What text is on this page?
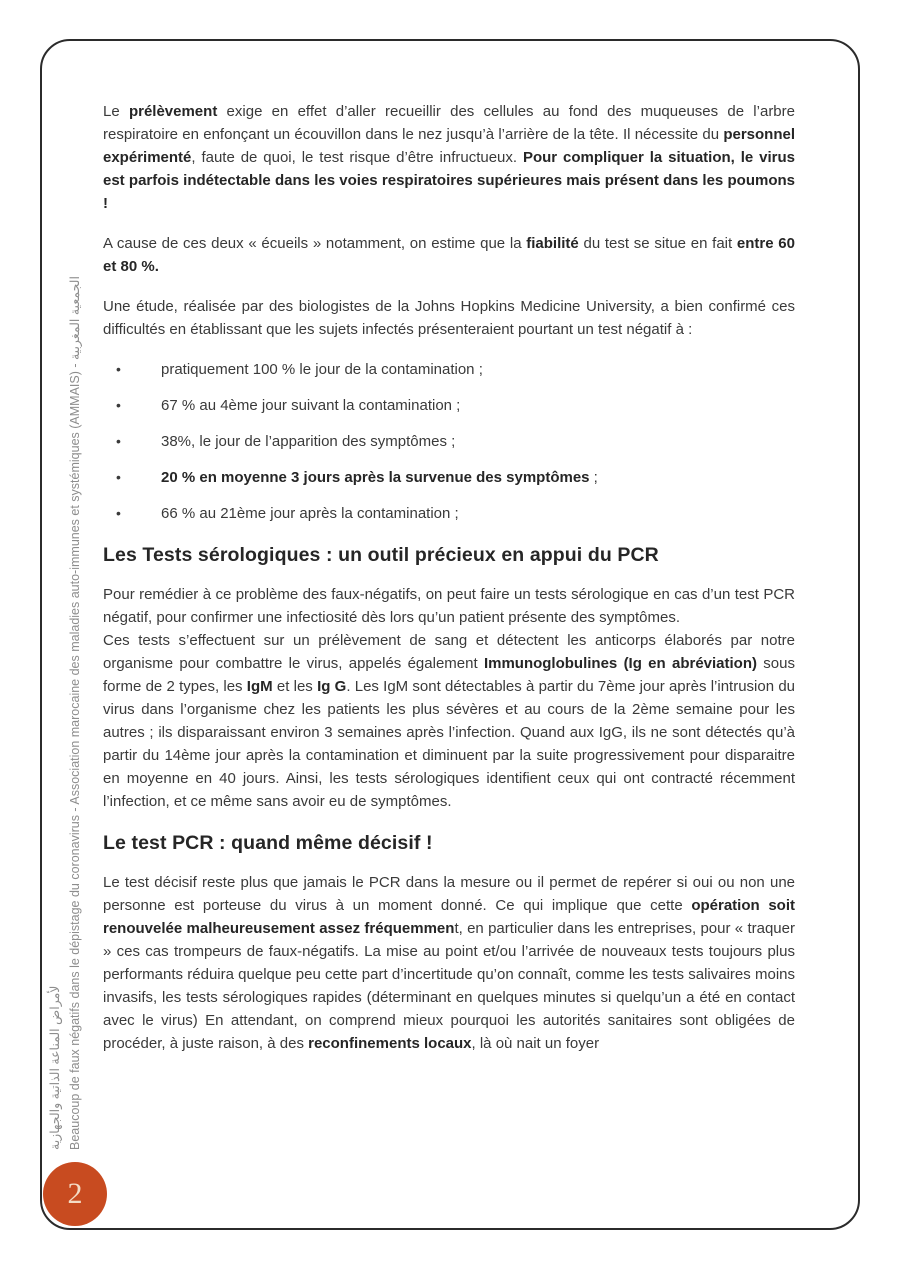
لأمراض المناعة الذاتية والجهازية Beaucoup de faux négatifs dans le dépistage du coronavirus - Association marocaine des maladies auto-immunes et systémiques (AMMAIS) - الجمعية المغربية

Le prélèvement exige en effet d’aller recueillir des cellules au fond des muqueuses de l’arbre respiratoire en enfonçant un écouvillon dans le nez jusqu’à l’arrière de la tête. Il nécessite du personnel expérimenté, faute de quoi, le test risque d’être infructueux. Pour compliquer la situation, le virus est parfois indétectable dans les voies respiratoires supérieures mais présent dans les poumons !

A cause de ces deux « écueils » notamment, on estime que la fiabilité du test se situe en fait entre 60 et 80 %.

Une étude, réalisée par des biologistes de la Johns Hopkins Medicine University, a bien confirmé ces difficultés en établissant que les sujets infectés présenteraient pourtant un test négatif à :

•	pratiquement 100 % le jour de la contamination ;
•	67 % au 4ème jour suivant la contamination ;
•	38%, le jour de l’apparition des symptômes ;
•	20 % en moyenne 3 jours après la survenue des symptômes ;
•	66 % au 21ème jour après la contamination ;
Les Tests sérologiques : un outil précieux en appui du PCR

Pour remédier à ce problème des faux-négatifs, on peut faire un tests sérologique en cas d’un test PCR négatif, pour confirmer une infectiosité dès lors qu’un patient présente des symptômes.
Ces tests s’effectuent sur un prélèvement de sang et détectent les anticorps élaborés par notre organisme pour combattre le virus, appelés également Immunoglobulines (Ig en abréviation) sous forme de 2 types, les IgM et les Ig G. Les IgM sont détectables à partir du 7ème jour après l’intrusion du virus dans l’organisme chez les patients les plus sévères et au cours de la 2ème semaine pour les autres ; ils disparaissant environ 3 semaines après l’infection. Quand aux IgG, ils ne sont détectés qu’à partir du 14ème jour après la contamination et diminuent par la suite progressivement pour disparaitre en moyenne en 40 jours. Ainsi, les tests sérologiques identifient ceux qui ont contracté récemment l’infection, et ce même sans avoir eu de symptômes.

Le test PCR : quand même décisif !

Le test décisif reste plus que jamais le PCR dans la mesure ou il permet de repérer si oui ou non une personne est porteuse du virus à un moment donné. Ce qui implique que cette opération soit renouvelée malheureusement assez fréquemment, en particulier dans les entreprises, pour « traquer » ces cas trompeurs de faux-négatifs. La mise au point et/ou l’arrivée de nouveaux tests toujours plus performants réduira quelque peu cette part d’incertitude qu’on connaît, comme les tests salivaires moins invasifs, les tests sérologiques rapides (déterminant en quelques minutes si quelqu’un a été en contact avec le virus) En attendant, on comprend mieux pourquoi les autorités sanitaires sont obligées de procéder, à juste raison, à des reconfinements locaux, là où nait un foyer

2
